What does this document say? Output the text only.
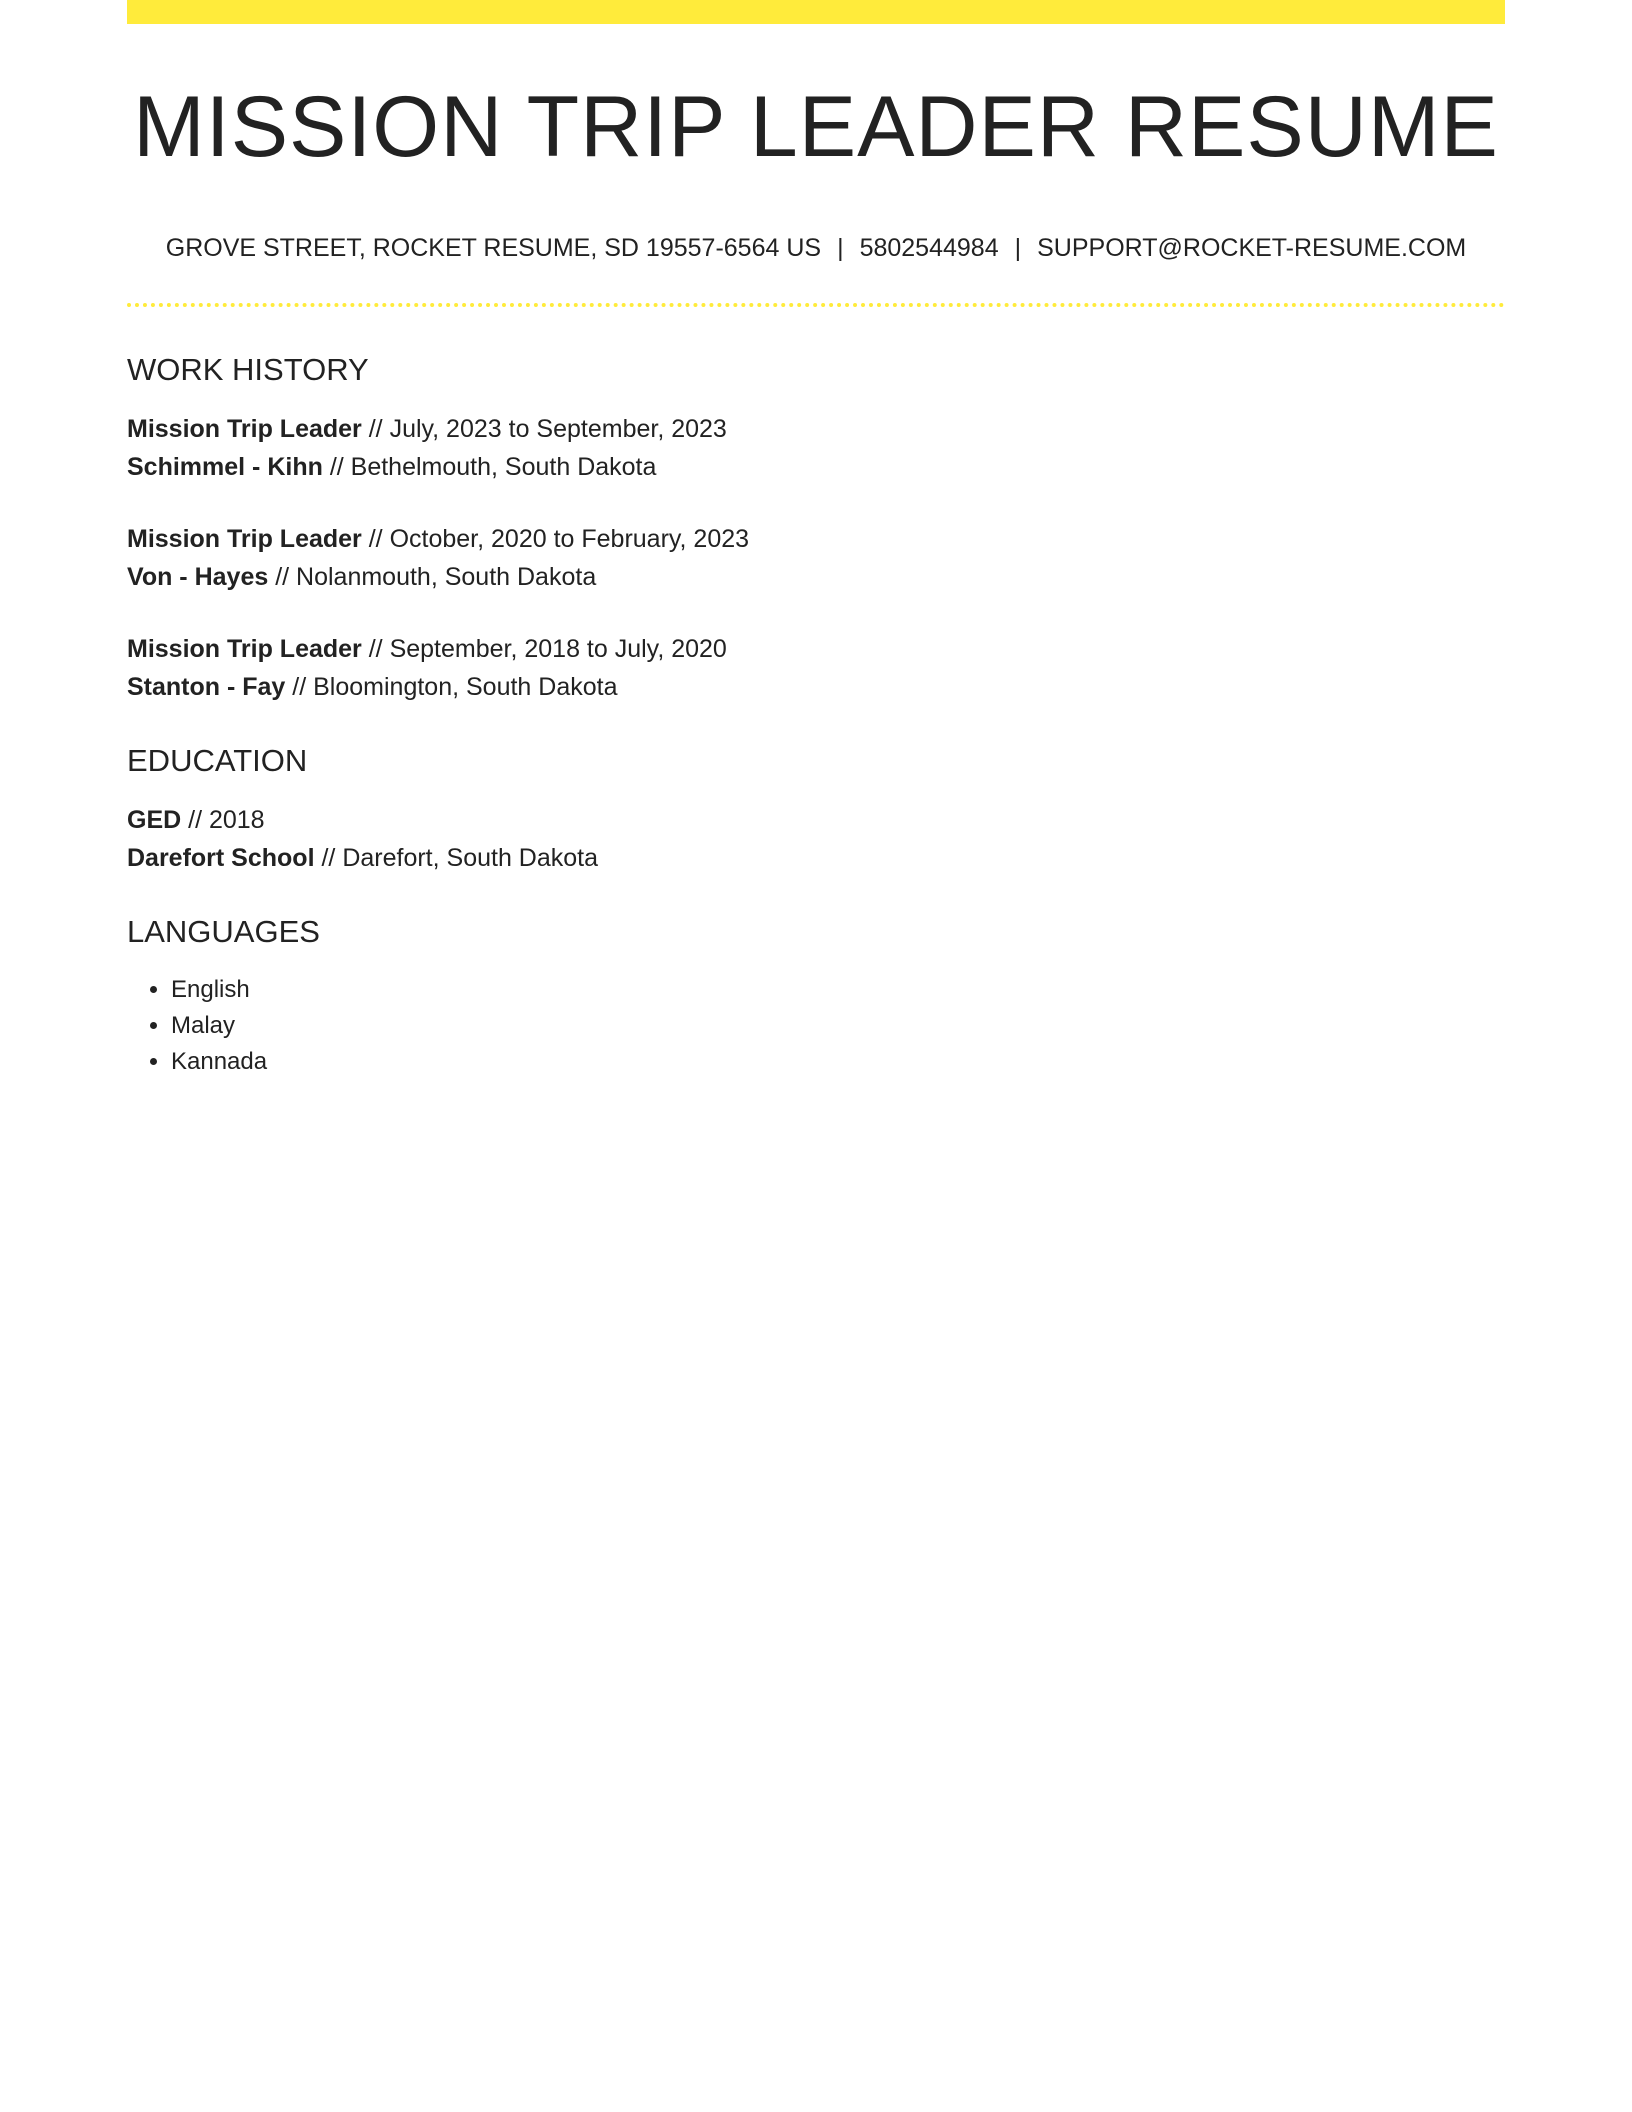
MISSION TRIP LEADER RESUME
GROVE STREET, ROCKET RESUME, SD 19557-6564 US | 5802544984 | SUPPORT@ROCKET-RESUME.COM
WORK HISTORY
Mission Trip Leader // July, 2023 to September, 2023
Schimmel - Kihn // Bethelmouth, South Dakota
Mission Trip Leader // October, 2020 to February, 2023
Von - Hayes // Nolanmouth, South Dakota
Mission Trip Leader // September, 2018 to July, 2020
Stanton - Fay // Bloomington, South Dakota
EDUCATION
GED // 2018
Darefort School // Darefort, South Dakota
LANGUAGES
• English
• Malay
• Kannada
